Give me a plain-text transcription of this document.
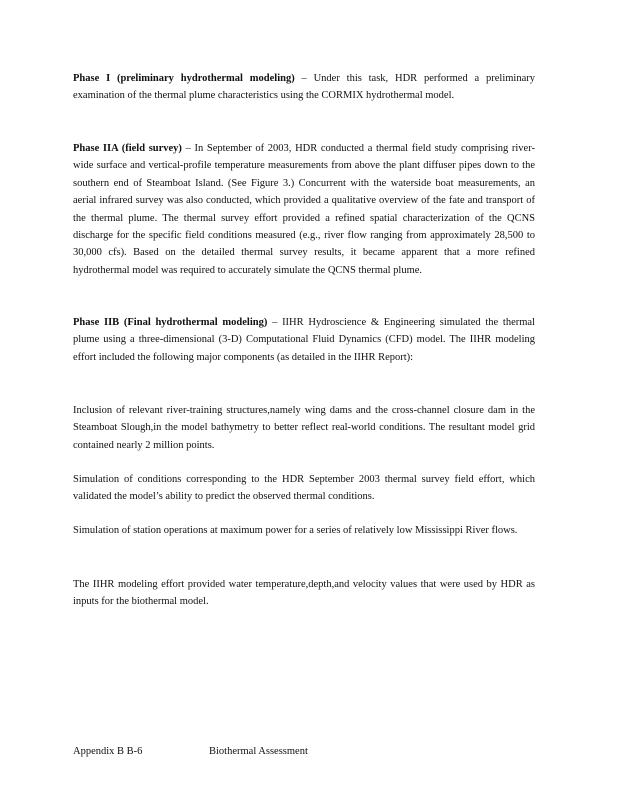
Phase I (preliminary hydrothermal modeling) – Under this task, HDR performed a preliminary examination of the thermal plume characteristics using the CORMIX hydrothermal model.

Phase IIA (field survey) – In September of 2003, HDR conducted a thermal field study comprising river-wide surface and vertical-profile temperature measurements from above the plant diffuser pipes down to the southern end of Steamboat Island. (See Figure 3.) Concurrent with the waterside boat measurements, an aerial infrared survey was also conducted, which provided a qualitative overview of the fate and transport of the thermal plume. The thermal survey effort provided a refined spatial characterization of the QCNS discharge for the specific field conditions measured (e.g., river flow ranging from approximately 28,500 to 30,000 cfs). Based on the detailed thermal survey results, it became apparent that a more refined hydrothermal model was required to accurately simulate the QCNS thermal plume.

Phase IIB (Final hydrothermal modeling) – IIHR Hydroscience & Engineering simulated the thermal plume using a three-dimensional (3-D) Computational Fluid Dynamics (CFD) model. The IIHR modeling effort included the following major components (as detailed in the IIHR Report):

Inclusion of relevant river-training structures,namely wing dams and the cross-channel closure dam in the Steamboat Slough,in the model bathymetry to better reflect real-world conditions. The resultant model grid contained nearly 2 million points.

Simulation of conditions corresponding to the HDR September 2003 thermal survey field effort, which validated the model’s ability to predict the observed thermal conditions.

Simulation of station operations at maximum power for a series of relatively low Mississippi River flows.

The IIHR modeling effort provided water temperature,depth,and velocity values that were used by HDR as inputs for the biothermal model.

Appendix B B-6	Biothermal Assessment
